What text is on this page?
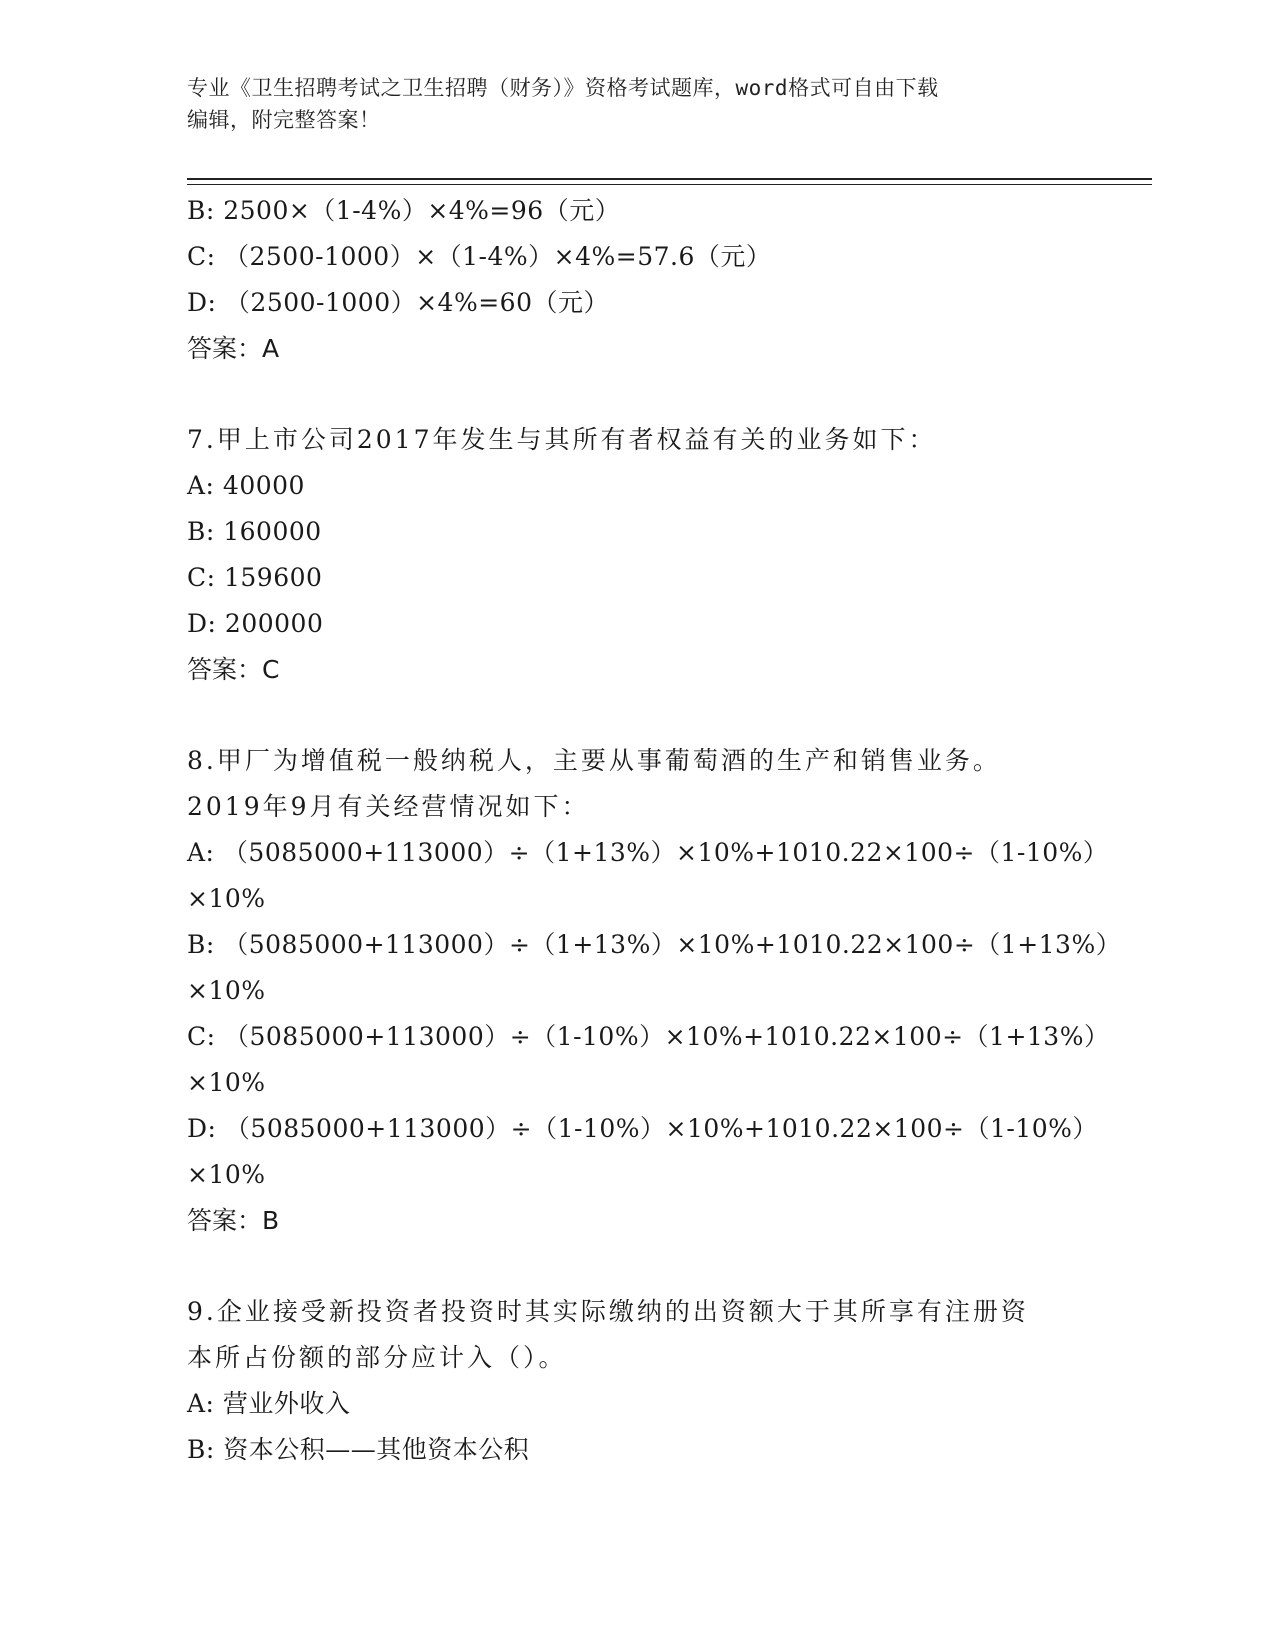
专业《卫生招聘考试之卫生招聘（财务）》资格考试题库，word格式可自由下载
编辑，附完整答案！
B: 2500×（1-4%）×4%=96（元）
C: （2500-1000）×（1-4%）×4%=57.6（元）
D: （2500-1000）×4%=60（元）
答案：A
7.甲上市公司2017年发生与其所有者权益有关的业务如下：
A: 40000
B: 160000
C: 159600
D: 200000
答案：C
8.甲厂为增值税一般纳税人，主要从事葡萄酒的生产和销售业务。
2019年9月有关经营情况如下：
A: （5085000+113000）÷（1+13%）×10%+1010.22×100÷（1-10%）
×10%
B: （5085000+113000）÷（1+13%）×10%+1010.22×100÷（1+13%）
×10%
C: （5085000+113000）÷（1-10%）×10%+1010.22×100÷（1+13%）
×10%
D: （5085000+113000）÷（1-10%）×10%+1010.22×100÷（1-10%）
×10%
答案：B
9.企业接受新投资者投资时其实际缴纳的出资额大于其所享有注册资
本所占份额的部分应计入（）。
A: 营业外收入
B: 资本公积——其他资本公积
